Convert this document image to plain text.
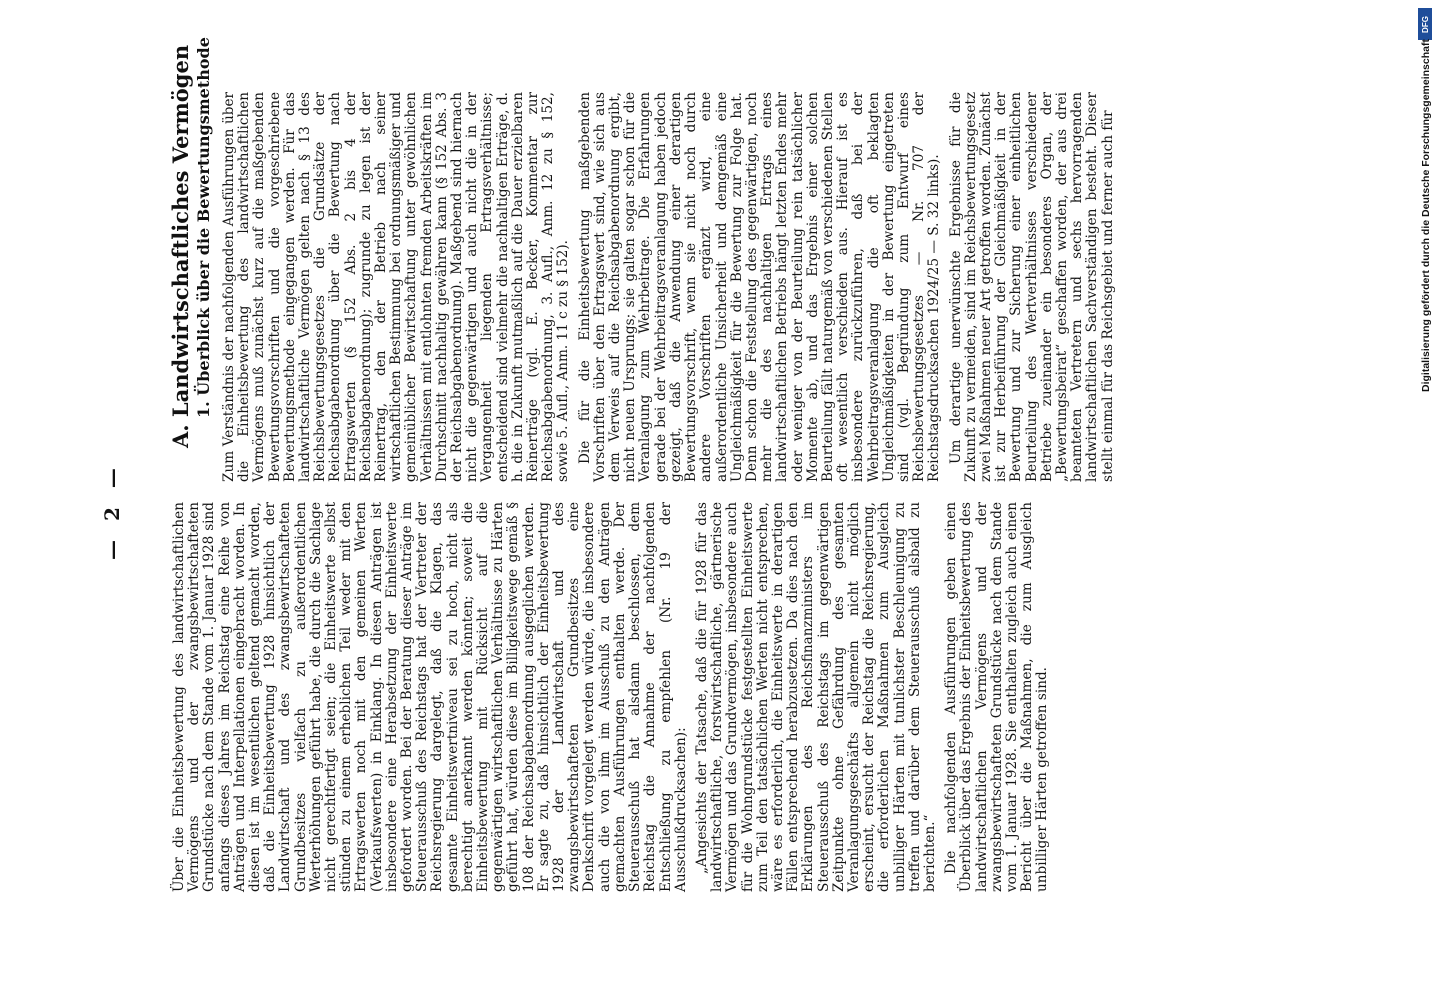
— 2 —	Über die Einheitsbewertung des landwirtschaftlichen Vermögens und der zwangsbewirtschafteten Grundstücke nach dem Stande vom 1. Januar 1928 sind anfangs dieses Jahres im Reichstag eine Reihe von Anträgen und Interpellationen eingebracht worden. In diesen ist im wesentlichen geltend gemacht worden, daß die Einheitsbewertung 1928 hinsichtlich der Landwirtschaft und des zwangsbewirtschafteten Grundbesitzes vielfach zu außerordentlichen Werterhöhungen geführt habe, die durch die Sachlage nicht gerechtfertigt seien; die Einheitswerte selbst stünden zu einem erheblichen Teil weder mit den Ertragswerten noch mit den gemeinen Werten (Verkaufswerten) in Einklang. In diesen Anträgen ist insbesondere eine Herabsetzung der Einheitswerte gefordert worden. Bei der Beratung dieser Anträge im Steuerausschuß des Reichstags hat der Vertreter der Reichsregierung dargelegt, daß die Klagen, das gesamte Einheitswertniveau sei zu hoch, nicht als berechtigt anerkannt werden könnten; soweit die Einheitsbewertung mit Rücksicht auf die gegenwärtigen wirtschaftlichen Verhältnisse zu Härten geführt hat, würden diese im Billigkeitswege gemäß § 108 der Reichsabgabenordnung ausgeglichen werden. Er sagte zu, daß hinsichtlich der Einheitsbewertung 1928 der Landwirtschaft und des zwangsbewirtschafteten Grundbesitzes eine Denkschrift vorgelegt werden würde, die insbesondere auch die von ihm im Ausschuß zu den Anträgen gemachten Ausführungen enthalten werde. Der Steuerausschuß hat alsdann beschlossen, dem Reichstag die Annahme der nachfolgenden Entschließung zu empfehlen (Nr. 19 der Ausschußdrucksachen): „Angesichts der Tatsache, daß die für 1928 für das landwirtschaftliche, forstwirtschaftliche, gärtnerische Vermögen und das Grundvermögen, insbesondere auch für die Wohngrundstücke festgestellten Einheitswerte zum Teil den tatsächlichen Werten nicht entsprechen, wäre es erforderlich, die Einheitswerte in derartigen Fällen entsprechend herabzusetzen. Da dies nach den Erklärungen des Reichsfinanzministers im Steuerausschuß des Reichstags im gegenwärtigen Zeitpunkte ohne Gefährdung des gesamten Veranlagungsgeschäfts allgemein nicht möglich erscheint, ersucht der Reichstag die Reichsregierung, die erforderlichen Maßnahmen zum Ausgleich unbilliger Härten mit tunlichster Beschleunigung zu treffen und darüber dem Steuerausschuß alsbald zu berichten.“ Die nachfolgenden Ausführungen geben einen Überblick über das Ergebnis der Einheitsbewertung des landwirtschaftlichen Vermögens und der zwangsbewirtschafteten Grundstücke nach dem Stande vom 1. Januar 1928. Sie enthalten zugleich auch einen Bericht über die Maßnahmen, die zum Ausgleich unbilliger Härten getroffen sind.

A. Landwirtschaftliches Vermögen 1. Überblick über die Bewertungsmethode Zum Verständnis der nachfolgenden Ausführungen über die Einheitsbewertung des landwirtschaftlichen Vermögens muß zunächst kurz auf die maßgebenden Bewertungsvorschriften und die vorgeschriebene Bewertungsmethode eingegangen werden. Für das landwirtschaftliche Vermögen gelten nach § 13 des Reichsbewertungsgesetzes die Grundsätze der Reichsabgabenordnung über die Bewertung nach Ertragswerten (§ 152 Abs. 2 bis 4 der Reichsabgabenordnung); zugrunde zu legen ist der Reinertrag, den der Betrieb nach seiner wirtschaftlichen Bestimmung bei ordnungsmäßiger und gemeinüblicher Bewirtschaftung unter gewöhnlichen Verhältnissen mit entlohnten fremden Arbeitskräften im Durchschnitt nachhaltig gewähren kann (§ 152 Abs. 3 der Reichsabgabenordnung). Maßgebend sind hiernach nicht die gegenwärtigen und auch nicht die in der Vergangenheit liegenden Ertragsverhältnisse; entscheidend sind vielmehr die nachhaltigen Erträge, d. h. die in Zukunft mutmaßlich auf die Dauer erzielbaren Reinerträge (vgl. E. Becker, Kommentar zur Reichsabgabenordnung, 3. Aufl., Anm. 12 zu § 152, sowie 5. Aufl., Anm. 11 c zu § 152). Die für die Einheitsbewertung maßgebenden Vorschriften über den Ertragswert sind, wie sich aus dem Verweis auf die Reichsabgabenordnung ergibt, nicht neuen Ursprungs; sie galten sogar schon für die Veranlagung zum Wehrbeitrage. Die Erfahrungen gerade bei der Wehrbeitragsveranlagung haben jedoch gezeigt, daß die Anwendung einer derartigen Bewertungsvorschrift, wenn sie nicht noch durch andere Vorschriften ergänzt wird, eine außerordentliche Unsicherheit und demgemäß eine Ungleichmäßigkeit für die Bewertung zur Folge hat. Denn schon die Feststellung des gegenwärtigen, noch mehr die des nachhaltigen Ertrags eines landwirtschaftlichen Betriebs hängt letzten Endes mehr oder weniger von der Beurteilung rein tatsächlicher Momente ab, und das Ergebnis einer solchen Beurteilung fällt naturgemäß von verschiedenen Stellen oft wesentlich verschieden aus. Hierauf ist es insbesondere zurückzuführen, daß bei der Wehrbeitragsveranlagung die oft beklagten Ungleichmäßigkeiten in der Bewertung eingetreten sind (vgl. Begründung zum Entwurf eines Reichsbewertungsgesetzes — Nr. 707 der Reichstagsdrucksachen 1924/25 — S. 32 links). Um derartige unerwünschte Ergebnisse für die Zukunft zu vermeiden, sind im Reichsbewertungsgesetz zwei Maßnahmen neuer Art getroffen worden. Zunächst ist zur Herbeiführung der Gleichmäßigkeit in der Bewertung und zur Sicherung einer einheitlichen Beurteilung des Wertverhältnisses verschiedener Betriebe zueinander ein besonderes Organ, der „Bewertungsbeirat“ geschaffen worden, der aus drei beamteten Vertretern und sechs hervorragenden landwirtschaftlichen Sachverständigen besteht. Dieser stellt einmal für das Reichsgebiet und ferner auch für

DFG
Digitalisierung gefördert durch die Deutsche Forschungsgemeinschaft
